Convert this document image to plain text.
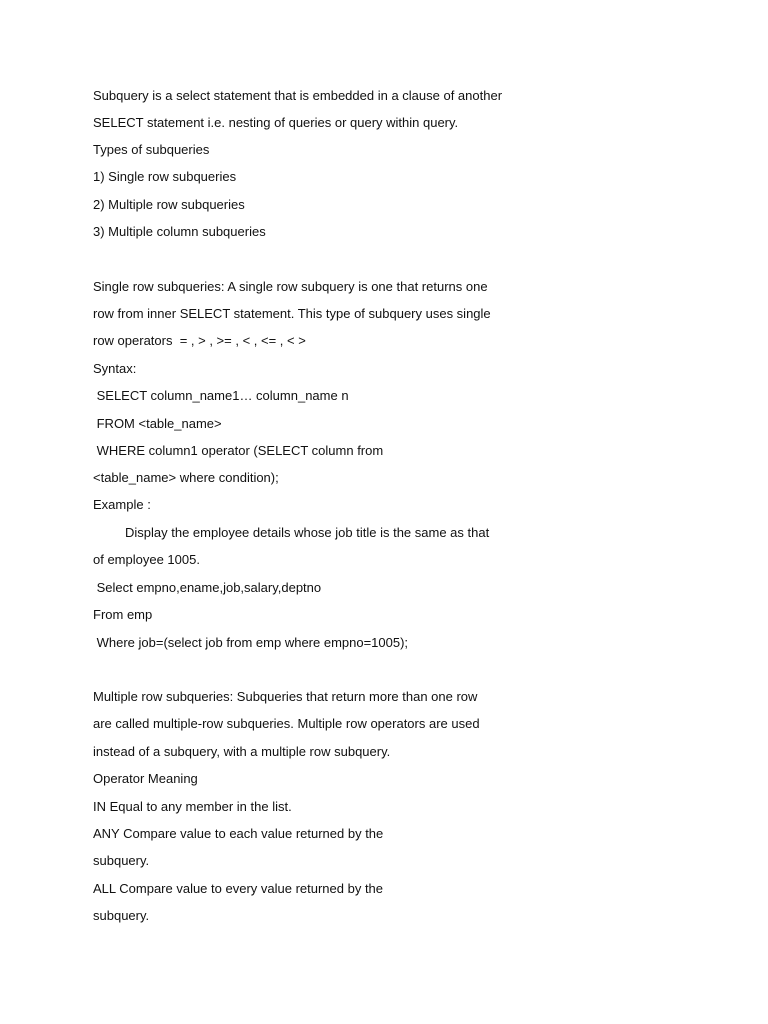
Subquery is a select statement that is embedded in a clause of another
SELECT statement i.e. nesting of queries or query within query.
Types of subqueries
1) Single row subqueries
2) Multiple row subqueries
3) Multiple column subqueries
Single row subqueries: A single row subquery is one that returns one
row from inner SELECT statement. This type of subquery uses single
row operators  = , > , >= , < , <= , < >
Syntax:
SELECT column_name1… column_name n
FROM <table_name>
WHERE column1 operator (SELECT column from
<table_name> where condition);
Example :
Display the employee details whose job title is the same as that
of employee 1005.
Select empno,ename,job,salary,deptno
From emp
Where job=(select job from emp where empno=1005);
Multiple row subqueries: Subqueries that return more than one row
are called multiple-row subqueries. Multiple row operators are used
instead of a subquery, with a multiple row subquery.
Operator Meaning
IN Equal to any member in the list.
ANY Compare value to each value returned by the
subquery.
ALL Compare value to every value returned by the
subquery.
